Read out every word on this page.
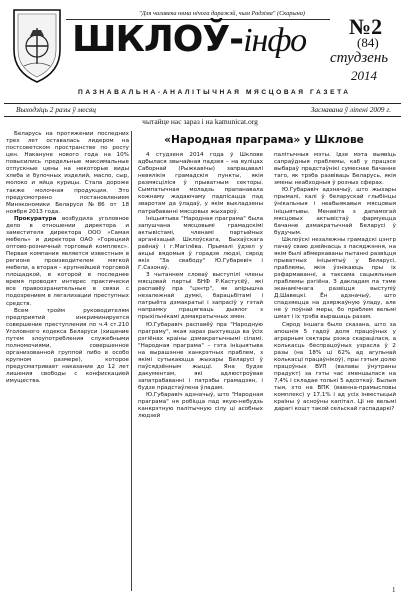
"Для чалавека няма нічога даражэй, чым Радзіма" (Скарына)
ШКЛОЎ-інфо №2
(84)
студзень
2014
ПАЗНАВАЛЬНА-АНАЛІТЫЧНАЯ МЯСЦОВАЯ ГАЗЕТА
Выходзіць 2 разы ў месяц	Заснавана ў ліпені 2009 г.
чытайце нас зараз і на kamunicat.org

Беларусь на протяжении последних трех лет оставалась лидером на постсоветском пространстве по росту цен. Накануне нового года на 10% повысились предельные максимальные отпускные цены на некоторые виды хлеба и булочных изделий, масло, сыр, молоко и яйца курицы. Стала дороже также молочная продукция. Это предусмотрено постановлением Минэкономики Беларуси №86 от 18 ноября 2013 года.

Прокуратура возбудила уголовное дело в отношении директора и заместителя директора ООО «Самая мебель» и директора ОАО «Горецкий оптово-розничный торговый комплекс». Первая компания является известным в регионе производителем мягкой мебели, а вторая – крупнейшей торговой площадкой, в которой в последнее время проводят интерес практически все правоохранительные в связи с подозрением в легализации преступных средств.

Всем тройм руководителям предприятий инкриминируется совершение преступления по ч.4 ст.210 Уголовного кодекса Беларуси (хищение путем злоупотребления служебными полномочиями, совершенное организованной группой либо в особо крупном размере), которое предусматривает наказание до 12 лет лишения свободы с конфискацией имущества.

«Народная праграма» у Шклове

4 студзеня 2014 года ў Шклове адбылася звычайная падзея – на вуліцах Саборнай (Рыжкавічы) запрацавалі невялікія грамадскія пункты, якія размясціліся ў прыватным секторы. Сымпатычная моладзь прапанавала кожнаму жадаючаму падпісацца пад зваротам да ўладаў, у якім выкладзены патрабаванні мясцовых жыхароў.

Ініцыятыва "Народная праграма" была запушчана мясцовымі грамадскімі актывістамі, членамі партыйных арганізацый Шклоўскага, Быхаўскага раёнаў і г.Магілёва. Прымалі ўдзел у акцыі вядомыя ў горадзе людзі, сярод якіх "За свабоду" Ю.Губаревіч і Г.Сазонаў.

З чытаннем словаў выступілі члены мясцовай партыі БНФ Р.Кастусёў, які распавёў пра "цэнтр", як апірышча незалежнай думкі, барацьбітамі і патрыёта дэмакратыі і запрасіў у гэтай напрамку працягваць дыялог з прыхільнікамі дэмакратычных змен.

Ю.Губаравіч распавёў пра "Народную праграму", якая зараз рыхтуецца ва ўсіх рэгіёнах краіны дэмакратычнымі сіламі. "Народная праграма" – гэта ініцыятыва на вырашэнне канкрэтных праблем, з якімі сутыкаюцца жыхары Беларусі ў паўсядзённым жыцці. Яна будзе дакументам, які адлюстроўвае запатрабаванні і патрэбы грамадзян, і будзе прадстаўлена ўладам.

Ю.Губаравіч адзначыў, што "Народная праграма" ня робіцца пад якую-небудзь канкрэтную палітычную сілу ці асобных людзей

палітычныя мэты. Ідзе мэта выявіць сапраўдныя праблемы, каб у працэсе выбараў прадстаўнікі сумеснае бачанне таго, як трэба развіваць Беларусь, якія змены неабходныя ў розных сферах.

Ю.Губаравіч адзначыў, што жыхары прымалі, калі ў беларускай глыбінцы ўнікальныя і неабыякавыя мясцовыя ініцыятывы. Менавіта з дапамогай мясцовых актывістаў фармуецца бачанне дэмакратычнай Беларусі ў будучым.

Шклоўскі незалежны грамадскі цэнтр пачаў сваю дзейнасць з пасяджэння, на якім былі абмеркаваны пытанні развіцця прыватных ініцыятыў у Беларусі, праблемы, якія ўзнікаюць пры іх рэфармаванні, а таксама сацыяльныя праблемы рэгіёна. З дакладам па тэме эканамічнага развіцця выступіў Д.Шавецкі. Ён адзначыў, што спадзяецца на дзяржаўную ўладу, але не ў поўнай меры, бо праблем вельмі шмат і іх трэба вырашаць разам.

Сярод іншага было сказана, што за апошнія 5 гадоў доля працоўных у аграрным сектары рэзка скарацілася, а колькасць беспрацоўных узрасла ў 2 разы (на 18% ці 62% ад агульнай колькасці працаўнікоў), пры гэтым долю працоўных ВУП (валавы ўнутраны прадукт) за гэты час зменшылася на 7,4% і складае толькі 5 адсоткаў. Былыя тыя, хто на ВПК (ваенна-прамысловы комплекс) у 17,1% і ад усіх інвестыцый краіны ў асноўны капітал. Ці не вельмі дарагі кошт такой сельскай гаспадаркі?

1
